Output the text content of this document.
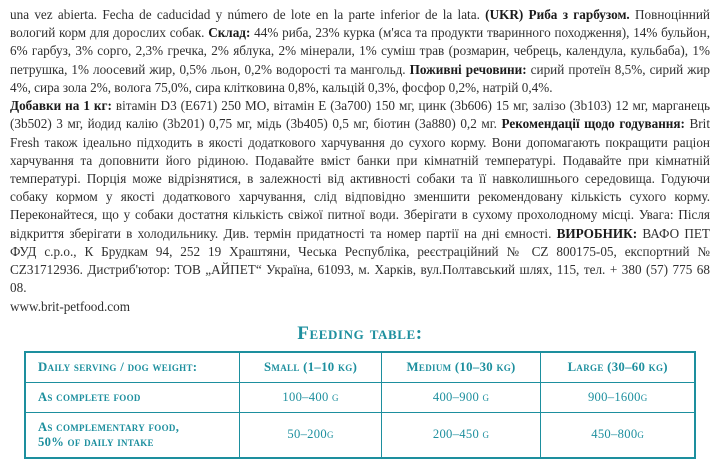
una vez abierta. Fecha de caducidad y número de lote en la parte inferior de la lata. (UKR) Риба з гарбузом. Повноцінний вологий корм для дорослих собак. Склад: 44% риба, 23% курка (м'яса та продукти тваринного походження), 14% бульйон, 6% гарбуз, 3% сорго, 2,3% гречка, 2% яблука, 2% мінерали, 1% суміш трав (розмарин, чебрець, календула, кульбаба), 1% петрушка, 1% лоосевий жир, 0,5% льон, 0,2% водорості та мангольд. Поживні речовини: сирий протеїн 8,5%, сирий жир 4%, сира зола 2%, волога 75,0%, сира клітковина 0,8%, кальцій 0,3%, фосфор 0,2%, натрій 0,4%.

Добавки на 1 кг: вітамін D3 (E671) 250 МО, вітамін Е (3а700) 150 мг, цинк (3b606) 15 мг, залізо (3b103) 12 мг, марганець (3b502) 3 мг, йодид калію (3b201) 0,75 мг, мідь (3b405) 0,5 мг, біотин (3а880) 0,2 мг. Рекомендації щодо годування: Brit Fresh також ідеально підходить в якості додаткового харчування до сухого корму. Вони допомагають покращити раціон харчування та доповнити його рідиною. Подавайте вміст банки при кімнатній температурі. Подавайте при кімнатній температурі. Порція може відрізнятися, в залежності від активності собаки та її навколишнього середовища. Годуючи собаку кормом у якості додаткового харчування, слід відповідно зменшити рекомендовану кількість сухого корму. Переконайтеся, що у собаки достатня кількість свіжої питної води. Зберігати в сухому прохолодному місці. Увага: Після відкриття зберігати в холодильнику. Див. термін придатності та номер партії на дні ємності. ВИРОБНИК: ВАФО ПЕТ ФУД с.р.о., К Брудкам 94, 252 19 Храштяни, Чеська Республіка, реєстраційний № CZ 800175-05, експортний № CZ31712936. Дистриб'ютор: ТОВ „АЙПЕТ“ Україна, 61093, м. Харків, вул.Полтавський шлях, 115, тел. + 380 (57) 775 68 08.

www.brit-petfood.com

Feeding table:
Daily serving / dog weight:	Small (1–10 kg)	Medium (10–30 kg)	Large (30–60 kg)
As complete food	100–400 g	400–900 g	900–1600g
As complementary food,
50% of daily intake	50–200g	200–450 g	450–800g
